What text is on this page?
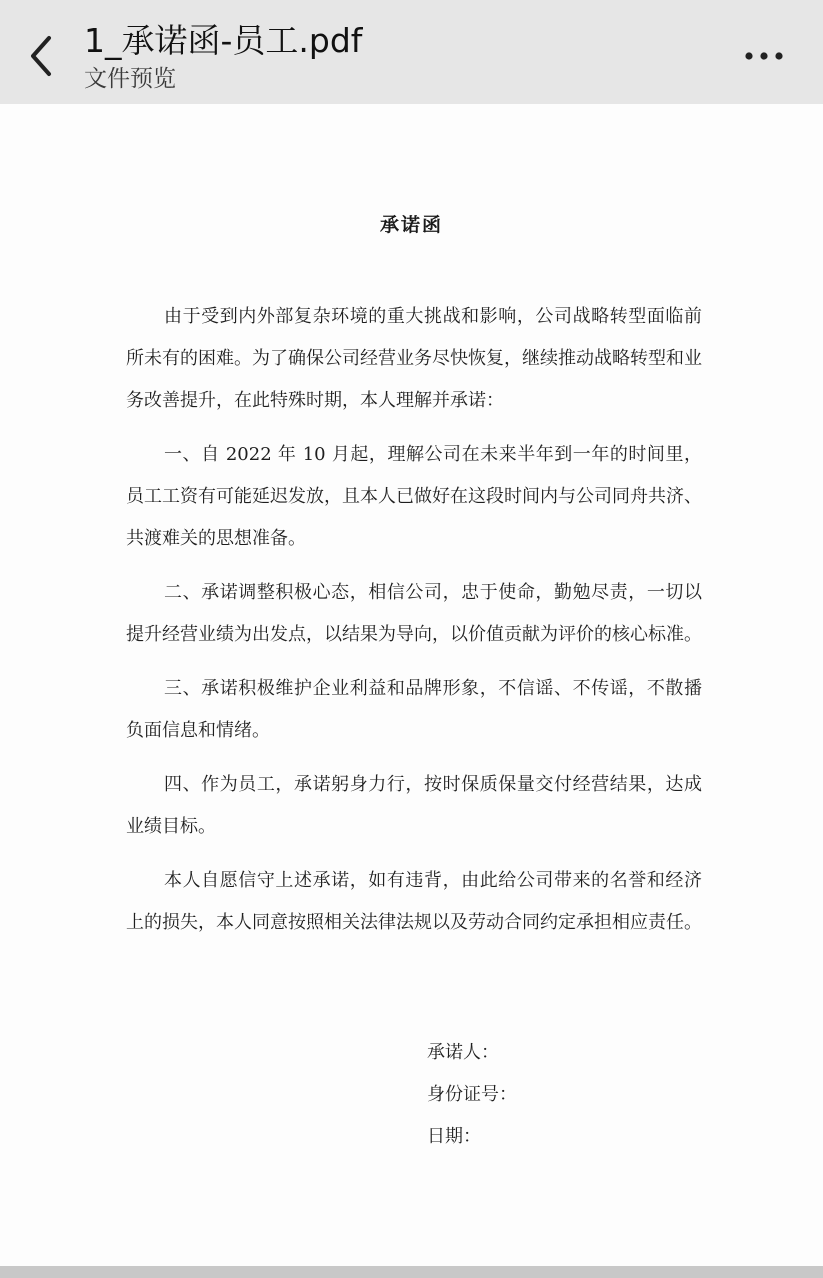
1_承诺函-员工.pdf
文件预览
承诺函

由于受到内外部复杂环境的重大挑战和影响，公司战略转型面临前所未有的困难。为了确保公司经营业务尽快恢复，继续推动战略转型和业务改善提升，在此特殊时期，本人理解并承诺：

一、自 2022 年 10 月起，理解公司在未来半年到一年的时间里，员工工资有可能延迟发放，且本人已做好在这段时间内与公司同舟共济、共渡难关的思想准备。

二、承诺调整积极心态，相信公司，忠于使命，勤勉尽责，一切以提升经营业绩为出发点，以结果为导向，以价值贡献为评价的核心标准。

三、承诺积极维护企业利益和品牌形象，不信谣、不传谣，不散播负面信息和情绪。

四、作为员工，承诺躬身力行，按时保质保量交付经营结果，达成业绩目标。

本人自愿信守上述承诺，如有违背，由此给公司带来的名誉和经济上的损失，本人同意按照相关法律法规以及劳动合同约定承担相应责任。

承诺人：
身份证号：
日期：
